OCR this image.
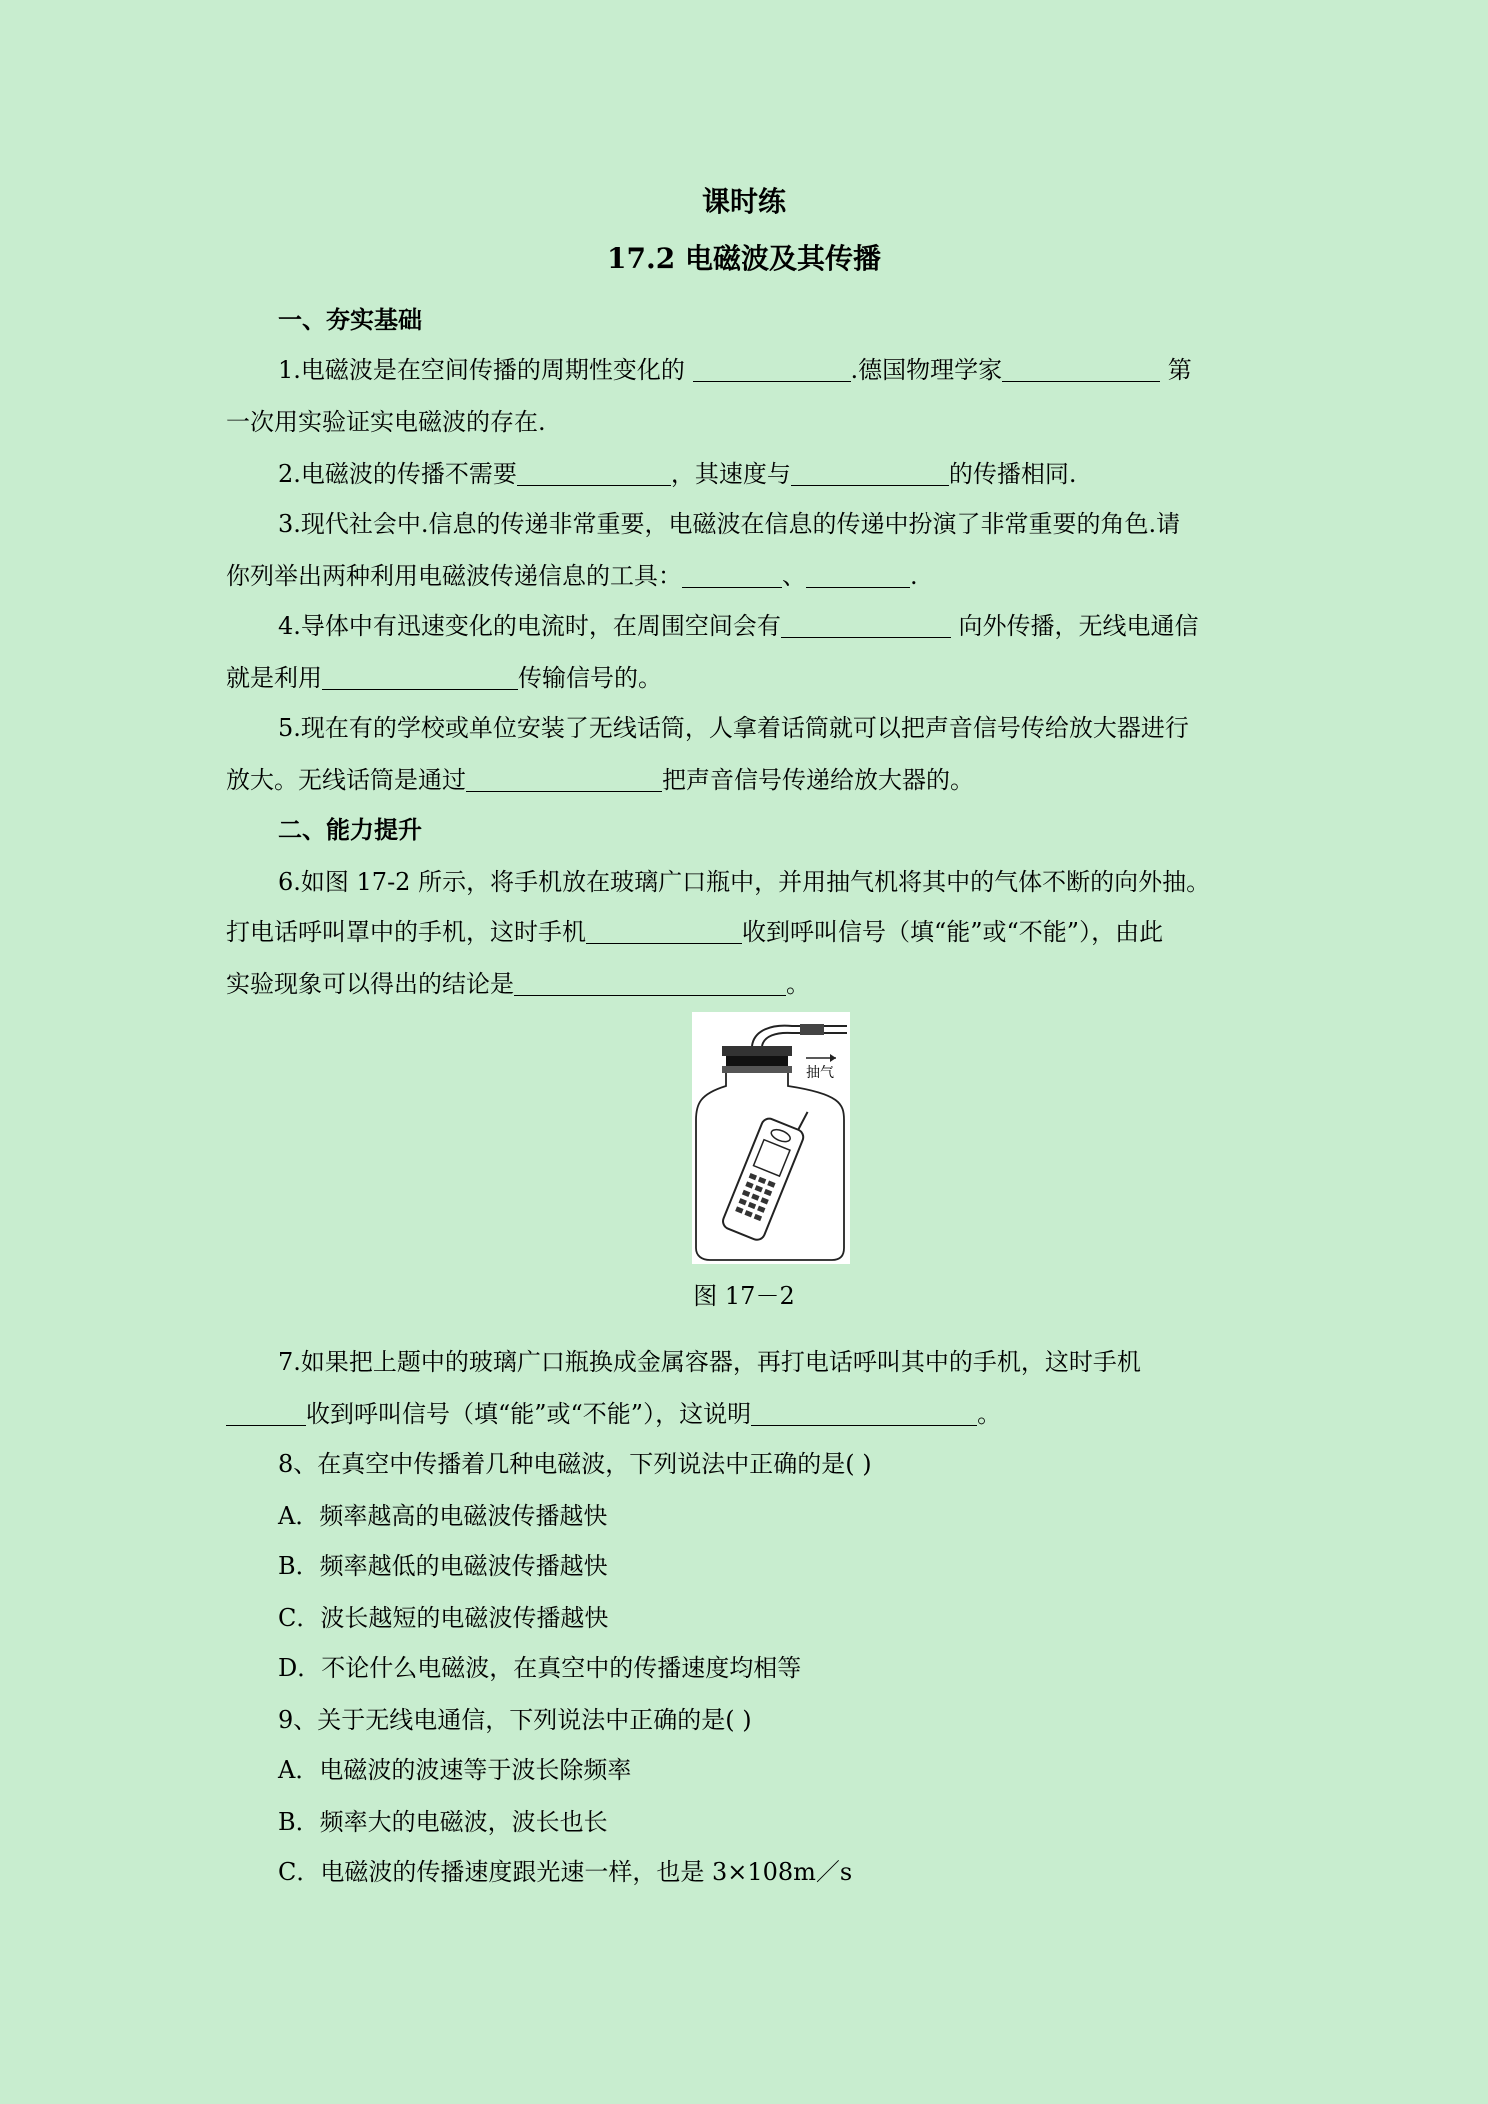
课时练
17.2 电磁波及其传播
一、夯实基础
1.电磁波是在空间传播的周期性变化的	.德国物理学家	第
一次用实验证实电磁波的存在.
2.电磁波的传播不需要	，其速度与	的传播相同.
3.现代社会中.信息的传递非常重要，电磁波在信息的传递中扮演了非常重要的角色.请
你列举出两种利用电磁波传递信息的工具：	、	.
4.导体中有迅速变化的电流时，在周围空间会有	向外传播，无线电通信
就是利用	传输信号的。
5.现在有的学校或单位安装了无线话筒，人拿着话筒就可以把声音信号传给放大器进行
放大。无线话筒是通过	把声音信号传递给放大器的。
二、能力提升
6.如图 17-2 所示，将手机放在玻璃广口瓶中，并用抽气机将其中的气体不断的向外抽。
打电话呼叫罩中的手机，这时手机	收到呼叫信号（填“能”或“不能”），由此
实验现象可以得出的结论是	。
抽气
图 17－2
7.如果把上题中的玻璃广口瓶换成金属容器，再打电话呼叫其中的手机，这时手机
收到呼叫信号（填“能”或“不能”），这说明	。
8、在真空中传播着几种电磁波，下列说法中正确的是( )
A．频率越高的电磁波传播越快
B．频率越低的电磁波传播越快
C．波长越短的电磁波传播越快
D．不论什么电磁波，在真空中的传播速度均相等
9、关于无线电通信，下列说法中正确的是( )
A．电磁波的波速等于波长除频率
B．频率大的电磁波，波长也长
C．电磁波的传播速度跟光速一样，也是 3×108m／s
